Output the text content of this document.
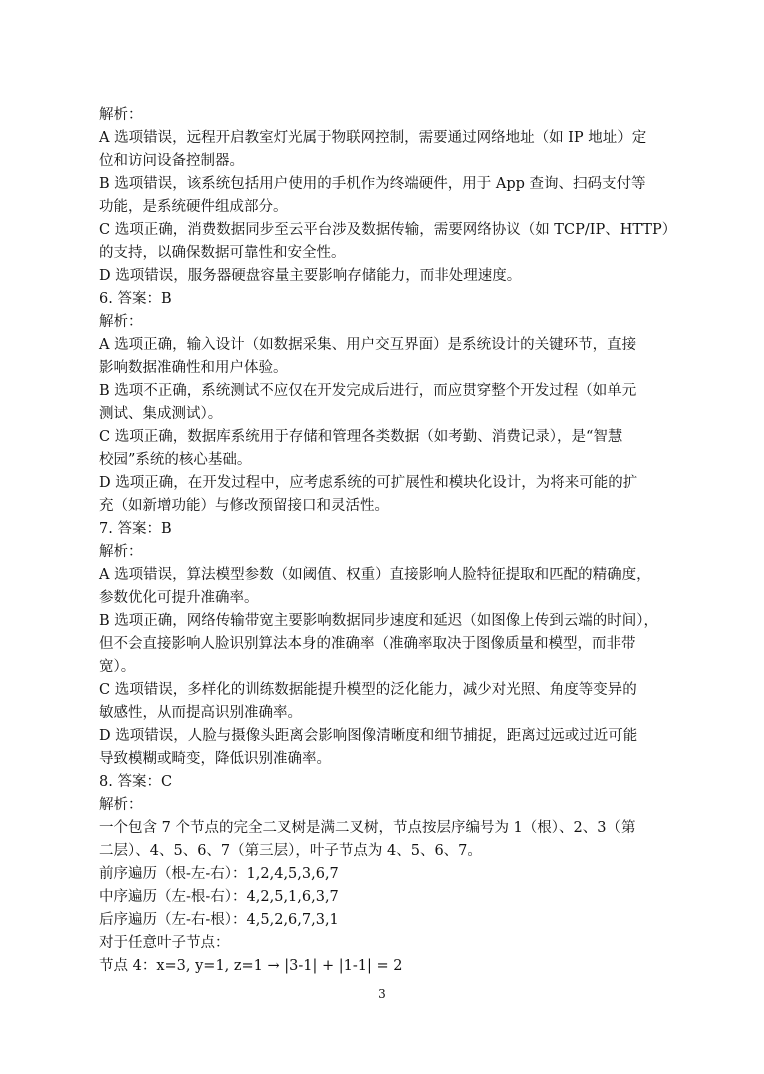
解析：
A 选项错误，远程开启教室灯光属于物联网控制，需要通过网络地址（如 IP 地址）定
位和访问设备控制器。
B 选项错误，该系统包括用户使用的手机作为终端硬件，用于 App 查询、扫码支付等
功能，是系统硬件组成部分。
C 选项正确，消费数据同步至云平台涉及数据传输，需要网络协议（如 TCP/IP、HTTP）
的支持，以确保数据可靠性和安全性。
D 选项错误，服务器硬盘容量主要影响存储能力，而非处理速度。
6. 答案：B
解析：
A 选项正确，输入设计（如数据采集、用户交互界面）是系统设计的关键环节，直接
影响数据准确性和用户体验。
B 选项不正确，系统测试不应仅在开发完成后进行，而应贯穿整个开发过程（如单元
测试、集成测试）。
C 选项正确，数据库系统用于存储和管理各类数据（如考勤、消费记录），是“智慧
校园”系统的核心基础。
D 选项正确，在开发过程中，应考虑系统的可扩展性和模块化设计，为将来可能的扩
充（如新增功能）与修改预留接口和灵活性。
7. 答案：B
解析：
A 选项错误，算法模型参数（如阈值、权重）直接影响人脸特征提取和匹配的精确度，
参数优化可提升准确率。
B 选项正确，网络传输带宽主要影响数据同步速度和延迟（如图像上传到云端的时间），
但不会直接影响人脸识别算法本身的准确率（准确率取决于图像质量和模型，而非带
宽）。
C 选项错误，多样化的训练数据能提升模型的泛化能力，减少对光照、角度等变异的
敏感性，从而提高识别准确率。
D 选项错误，人脸与摄像头距离会影响图像清晰度和细节捕捉，距离过远或过近可能
导致模糊或畸变，降低识别准确率。
8. 答案：C
解析：
一个包含 7 个节点的完全二叉树是满二叉树，节点按层序编号为 1（根）、2、3（第
二层）、4、5、6、7（第三层），叶子节点为 4、5、6、7。
前序遍历（根-左-右）：1,2,4,5,3,6,7
中序遍历（左-根-右）：4,2,5,1,6,3,7
后序遍历（左-右-根）：4,5,2,6,7,3,1
对于任意叶子节点：
节点 4：x=3, y=1, z=1 → |3-1| + |1-1| = 2
3
